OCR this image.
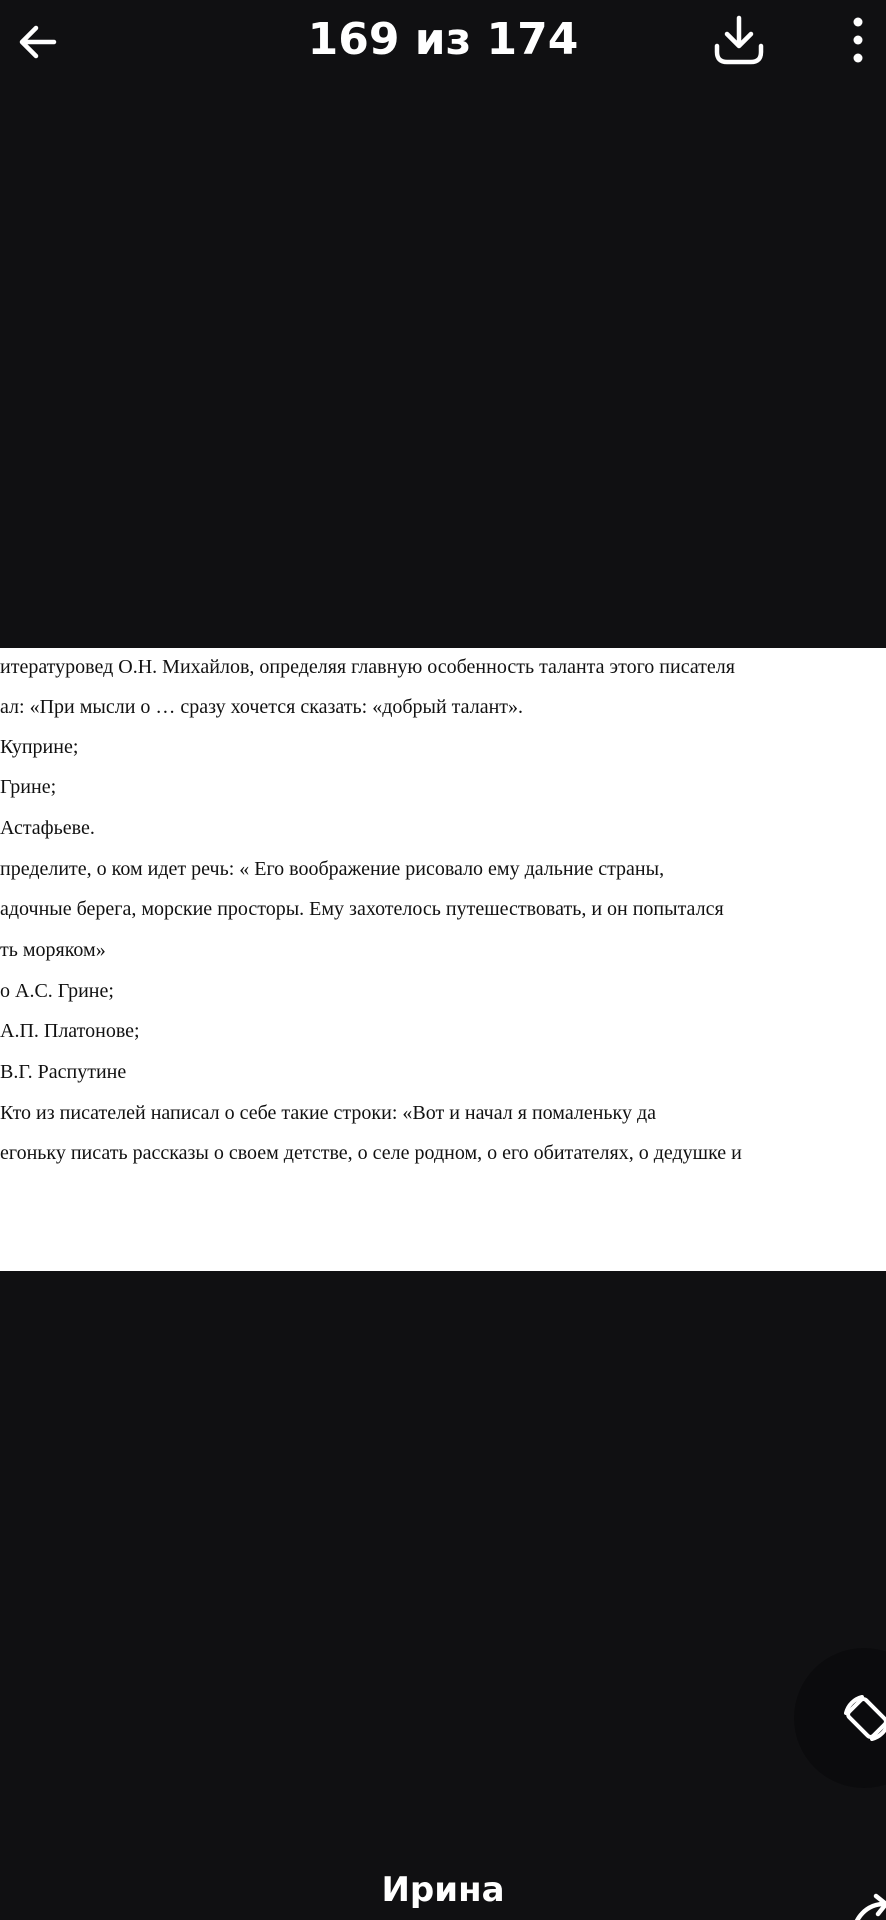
169 из 174
итературовед О.Н. Михайлов, определяя главную особенность таланта этого писателя
ал: «При мысли о … сразу хочется сказать: «добрый талант».
Куприне;
Грине;
Астафьеве.
пределите, о ком идет речь: « Его воображение рисовало ему дальние страны,
адочные берега, морские просторы. Ему захотелось путешествовать, и он попытался
ть моряком»
о А.С. Грине;
А.П. Платонове;
В.Г. Распутине
Кто из писателей написал о себе такие строки: «Вот и начал я помаленьку да
егоньку писать рассказы о своем детстве, о селе родном, о его обитателях, о дедушке и
Ирина
